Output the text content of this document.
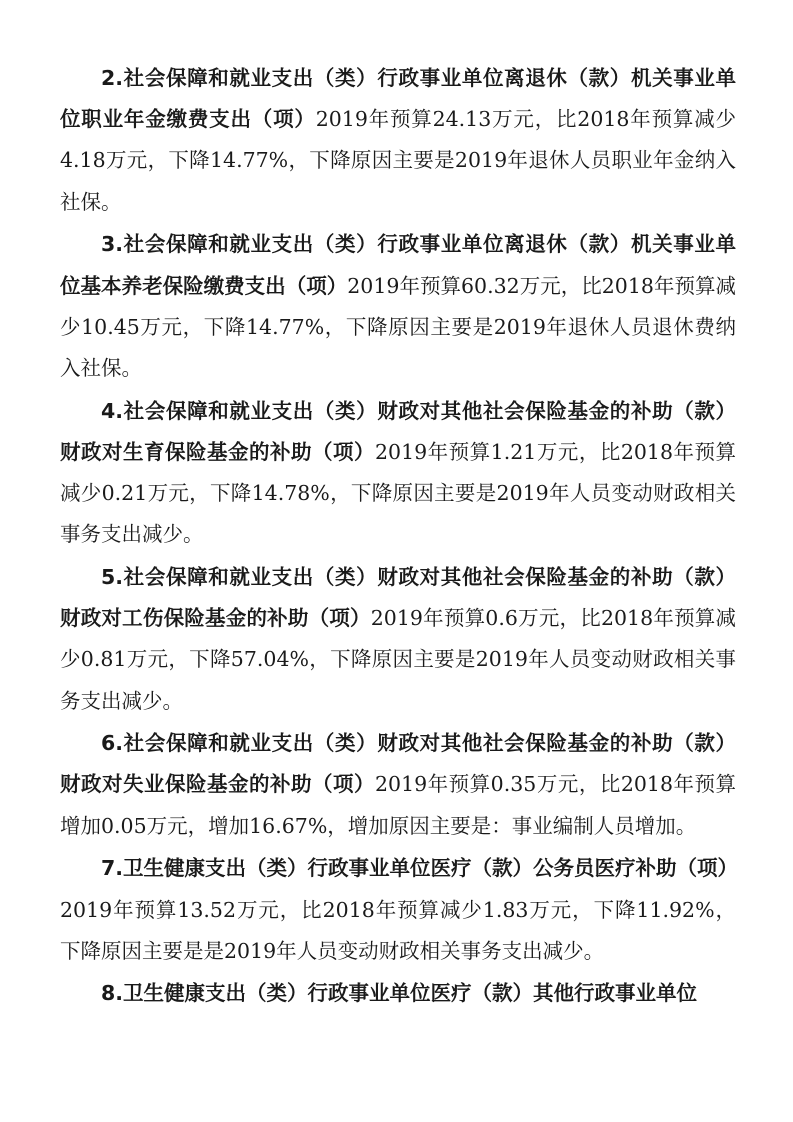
2.社会保障和就业支出（类）行政事业单位离退休（款）机关事业单位职业年金缴费支出（项）2019年预算24.13万元，比2018年预算减少4.18万元，下降14.77%，下降原因主要是2019年退休人员职业年金纳入社保。

3.社会保障和就业支出（类）行政事业单位离退休（款）机关事业单位基本养老保险缴费支出（项）2019年预算60.32万元，比2018年预算减少10.45万元，下降14.77%，下降原因主要是2019年退休人员退休费纳入社保。

4.社会保障和就业支出（类）财政对其他社会保险基金的补助（款）财政对生育保险基金的补助（项）2019年预算1.21万元，比2018年预算减少0.21万元，下降14.78%，下降原因主要是2019年人员变动财政相关事务支出减少。

5.社会保障和就业支出（类）财政对其他社会保险基金的补助（款）财政对工伤保险基金的补助（项）2019年预算0.6万元，比2018年预算减少0.81万元，下降57.04%，下降原因主要是2019年人员变动财政相关事务支出减少。

6.社会保障和就业支出（类）财政对其他社会保险基金的补助（款）财政对失业保险基金的补助（项）2019年预算0.35万元，比2018年预算增加0.05万元，增加16.67%，增加原因主要是：事业编制人员增加。

7.卫生健康支出（类）行政事业单位医疗（款）公务员医疗补助（项）2019年预算13.52万元，比2018年预算减少1.83万元，下降11.92%，下降原因主要是是2019年人员变动财政相关事务支出减少。

8.卫生健康支出（类）行政事业单位医疗（款）其他行政事业单位
